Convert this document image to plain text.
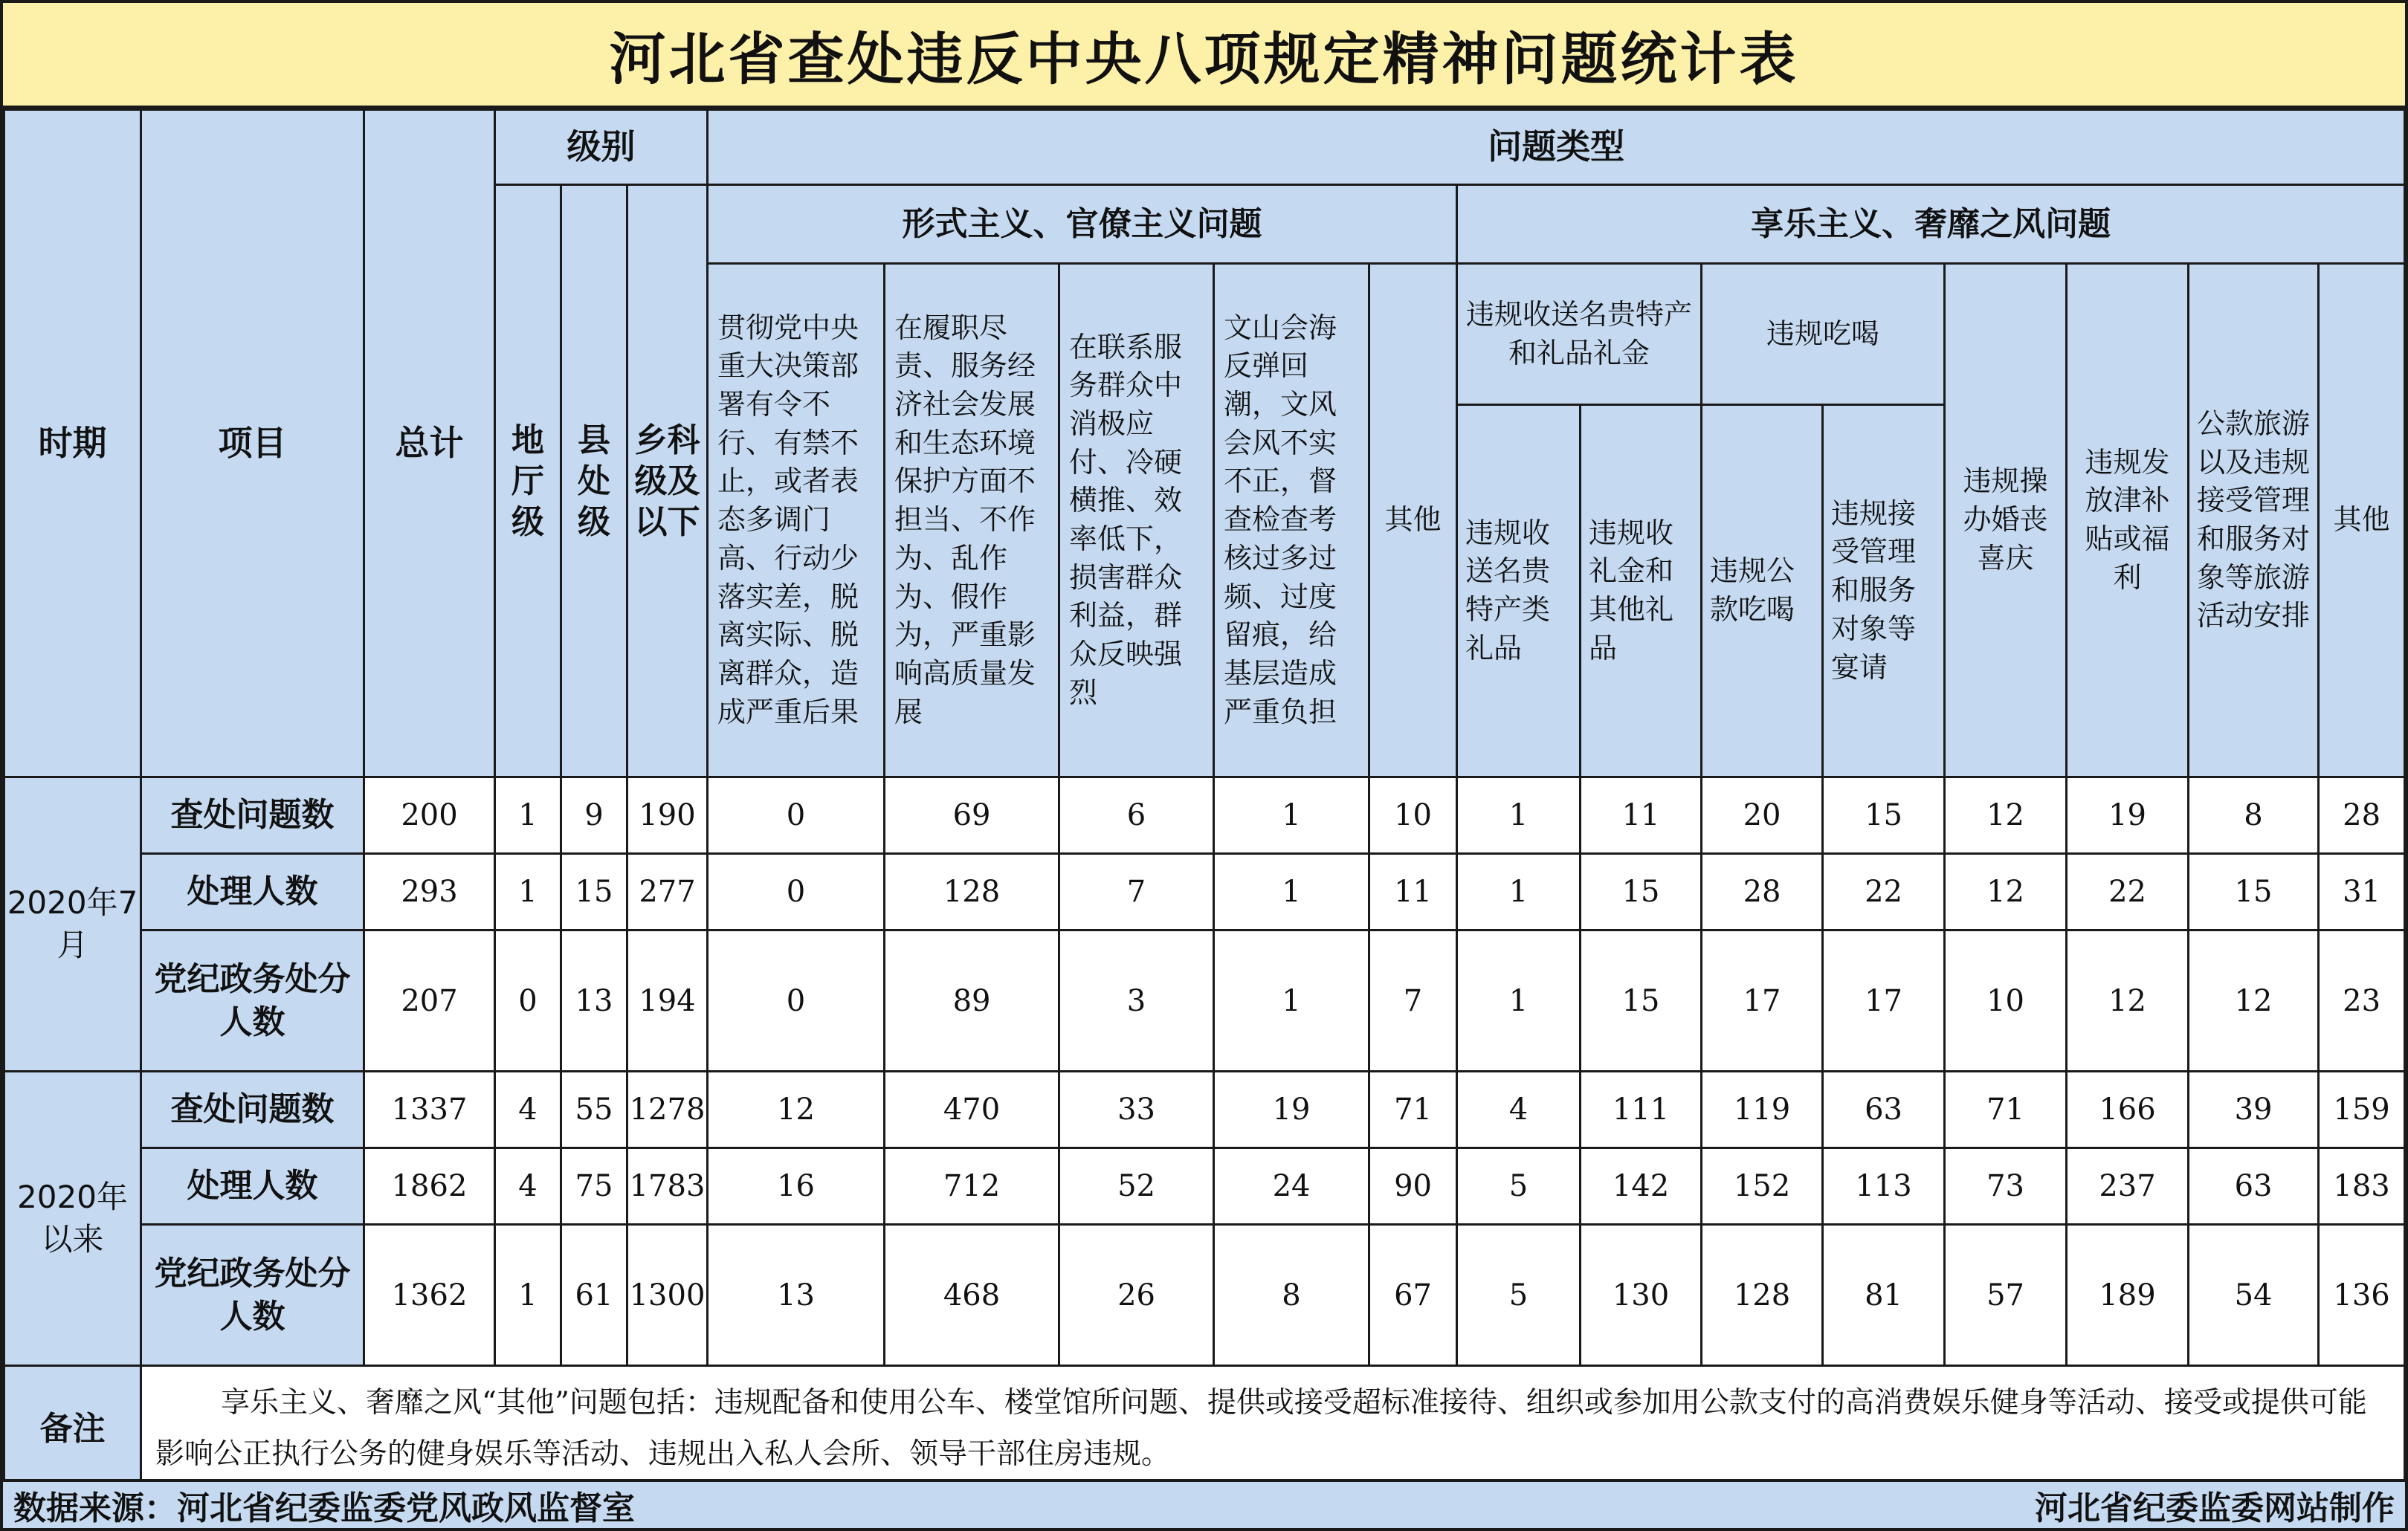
河北省查处违反中央八项规定精神问题统计表
时期	项目	总计	级别			问题类型												
			地厅级	县处级	乡科级及以下	形式主义、官僚主义问题					享乐主义、奢靡之风问题							
						贯彻党中央重大决策部署有令不行、有禁不止，或者表态多调门高、行动少落实差，脱离实际、脱离群众，造成严重后果	在履职尽责、服务经济社会发展和生态环境保护方面不担当、不作为、乱作为、假作为，严重影响高质量发展	在联系服务群众中消极应付、冷硬横推、效率低下，损害群众利益，群众反映强烈	文山会海反弹回潮，文风会风不实不正，督查检查考核过多过频、过度留痕，给基层造成严重负担	其他	违规收送名贵特产和礼品礼金		违规吃喝		违规操办婚丧喜庆	违规发放津补贴或福利	公款旅游以及违规接受管理和服务对象等旅游活动安排	其他
											违规收送名贵特产类礼品	违规收礼金和其他礼品	违规公款吃喝	违规接受管理和服务对象等宴请				
2020年7月	查处问题数	200	1	9	190	0	69	6	1	10	1	11	20	15	12	19	8	28
	处理人数	293	1	15	277	0	128	7	1	11	1	15	28	22	12	22	15	31
	党纪政务处分人数	207	0	13	194	0	89	3	1	7	1	15	17	17	10	12	12	23
2020年以来	查处问题数	1337	4	55	1278	12	470	33	19	71	4	111	119	63	71	166	39	159
	处理人数	1862	4	75	1783	16	712	52	24	90	5	142	152	113	73	237	63	183
	党纪政务处分人数	1362	1	61	1300	13	468	26	8	67	5	130	128	81	57	189	54	136
备注	享乐主义、奢靡之风“其他”问题包括：违规配备和使用公车、楼堂馆所问题、提供或接受超标准接待、组织或参加用公款支付的高消费娱乐健身等活动、接受或提供可能影响公正执行公务的健身娱乐等活动、违规出入私人会所、领导干部住房违规。																	
数据来源：河北省纪委监委党风政风监督室	河北省纪委监委网站制作
